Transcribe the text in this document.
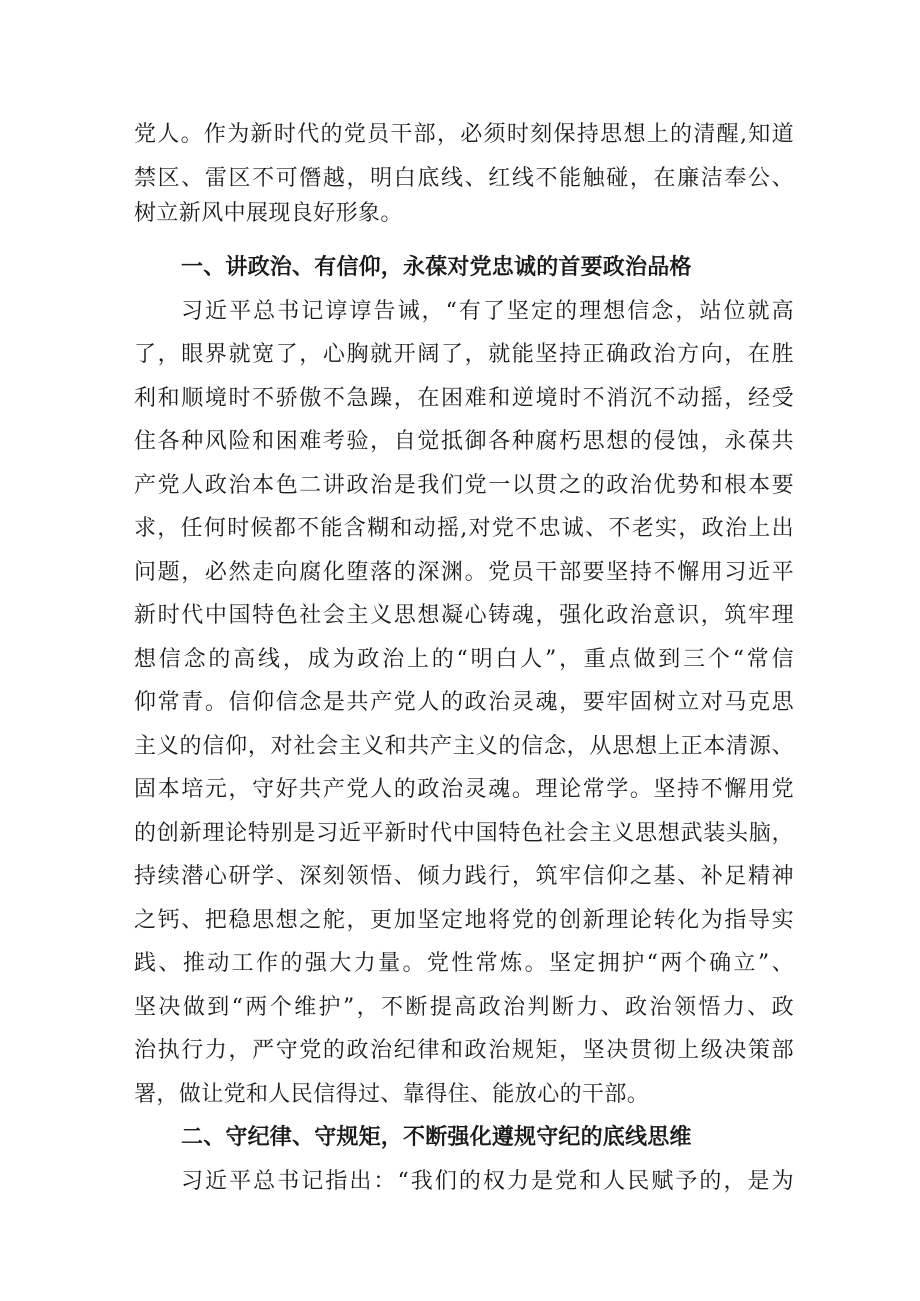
党人。作为新时代的党员干部，必须时刻保持思想上的清醒,知道
禁区、雷区不可僭越，明白底线、红线不能触碰，在廉洁奉公、
树立新风中展现良好形象。
一、讲政治、有信仰，永葆对党忠诚的首要政治品格
习近平总书记谆谆告诫，“有了坚定的理想信念，站位就高
了，眼界就宽了，心胸就开阔了，就能坚持正确政治方向，在胜
利和顺境时不骄傲不急躁，在困难和逆境时不消沉不动摇，经受
住各种风险和困难考验，自觉抵御各种腐朽思想的侵蚀，永葆共
产党人政治本色二讲政治是我们党一以贯之的政治优势和根本要
求，任何时候都不能含糊和动摇,对党不忠诚、不老实，政治上出
问题，必然走向腐化堕落的深渊。党员干部要坚持不懈用习近平
新时代中国特色社会主义思想凝心铸魂，强化政治意识，筑牢理
想信念的高线，成为政治上的“明白人”，重点做到三个“常信
仰常青。信仰信念是共产党人的政治灵魂，要牢固树立对马克思
主义的信仰，对社会主义和共产主义的信念，从思想上正本清源、
固本培元，守好共产党人的政治灵魂。理论常学。坚持不懈用党
的创新理论特别是习近平新时代中国特色社会主义思想武装头脑，
持续潜心研学、深刻领悟、倾力践行，筑牢信仰之基、补足精神
之钙、把稳思想之舵，更加坚定地将党的创新理论转化为指导实
践、推动工作的强大力量。党性常炼。坚定拥护“两个确立”、
坚决做到“两个维护”，不断提高政治判断力、政治领悟力、政
治执行力，严守党的政治纪律和政治规矩，坚决贯彻上级决策部
署，做让党和人民信得过、靠得住、能放心的干部。
二、守纪律、守规矩，不断强化遵规守纪的底线思维
习近平总书记指出：“我们的权力是党和人民赋予的，是为
